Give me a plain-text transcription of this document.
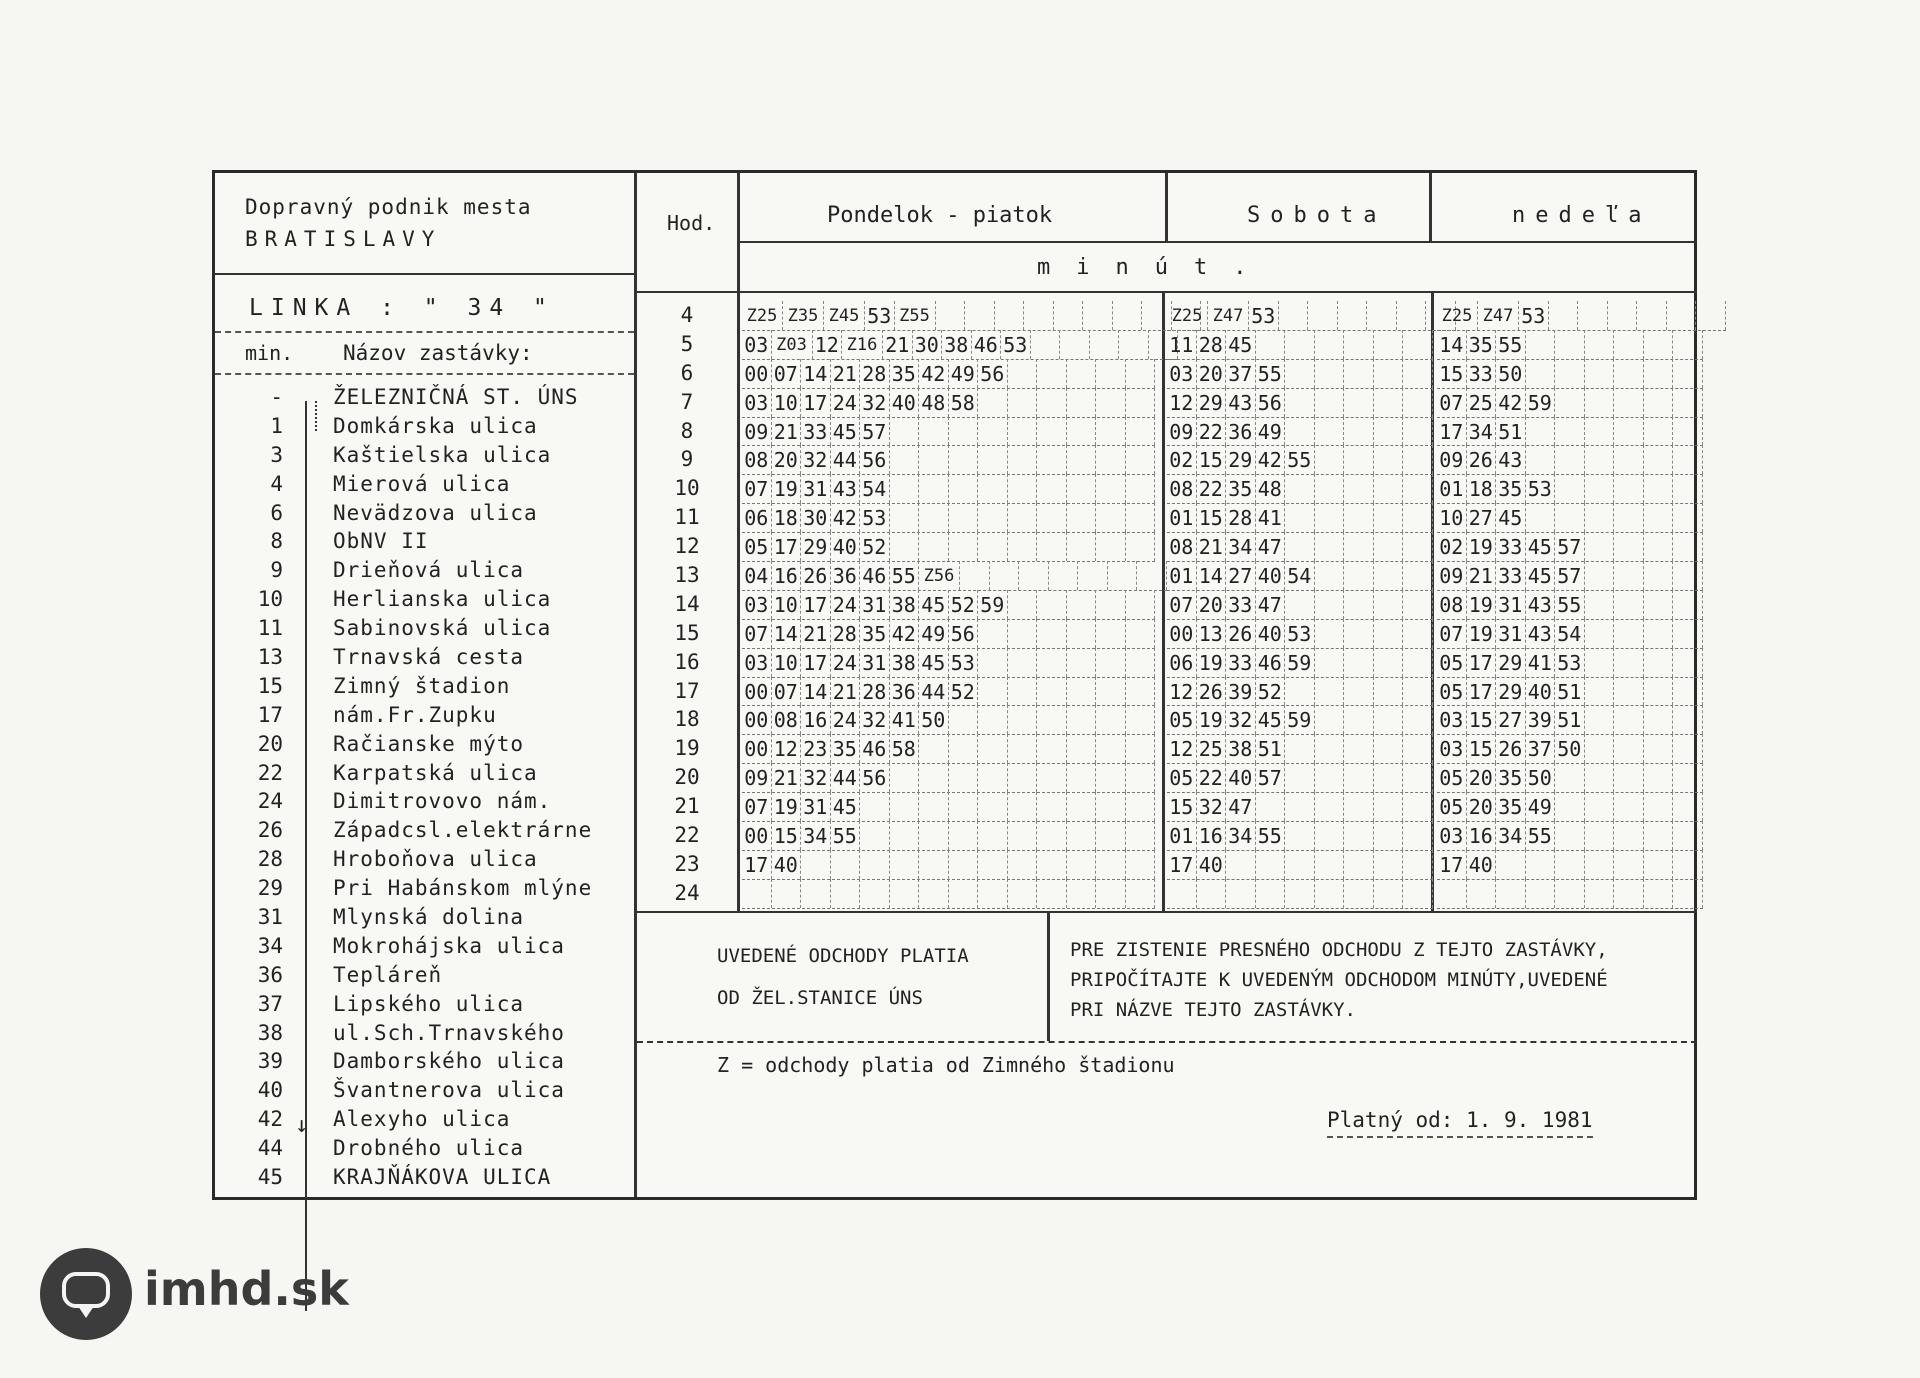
Dopravný podnik mesta
BRATISLAVY
LINKA : " 34 "
min. Názov zastávky:
- ŽELEZNIČNÁ ST. ÚNS
1 Domkárska ulica
3 Kaštielska ulica
4 Mierová ulica
6 Nevädzova ulica
8 ObNV II
9 Drieňová ulica
10 Herlianska ulica
11 Sabinovská ulica
13 Trnavská cesta
15 Zimný štadion
17 nám.Fr.Zupku
20 Račianske mýto
22 Karpatská ulica
24 Dimitrovovo nám.
26 Západcsl.elektrárne
28 Hroboňova ulica
29 Pri Habánskom mlýne
31 Mlynská dolina
34 Mokrohájska ulica
36 Tepláreň
37 Lipského ulica
38 ul.Sch.Trnavského
39 Damborského ulica
40 Švantnerova ulica
42 Alexyho ulica
44 Drobného ulica
45 KRAJŇÁKOVA ULICA
↓
Hod.	Pondelok - piatok	Sobota	nedeľa
minút.
4	Z25 Z35 Z45 53 Z55	Z25 Z47 53	Z25 Z47 53
5	03 Z03 12 Z16 21 30 38 46 53	11 28 45	14 35 55
6	00 07 14 21 28 35 42 49 56	03 20 37 55	15 33 50
7	03 10 17 24 32 40 48 58	12 29 43 56	07 25 42 59
8	09 21 33 45 57	09 22 36 49	17 34 51
9	08 20 32 44 56	02 15 29 42 55	09 26 43
10	07 19 31 43 54	08 22 35 48	01 18 35 53
11	06 18 30 42 53	01 15 28 41	10 27 45
12	05 17 29 40 52	08 21 34 47	02 19 33 45 57
13	04 16 26 36 46 55 Z56	01 14 27 40 54	09 21 33 45 57
14	03 10 17 24 31 38 45 52 59	07 20 33 47	08 19 31 43 55
15	07 14 21 28 35 42 49 56	00 13 26 40 53	07 19 31 43 54
16	03 10 17 24 31 38 45 53	06 19 33 46 59	05 17 29 41 53
17	00 07 14 21 28 36 44 52	12 26 39 52	05 17 29 40 51
18	00 08 16 24 32 41 50	05 19 32 45 59	03 15 27 39 51
19	00 12 23 35 46 58	12 25 38 51	03 15 26 37 50
20	09 21 32 44 56	05 22 40 57	05 20 35 50
21	07 19 31 45	15 32 47	05 20 35 49
22	00 15 34 55	01 16 34 55	03 16 34 55
23	17 40	17 40	17 40
24
UVEDENÉ ODCHODY PLATIA
OD ŽEL.STANICE ÚNS
PRE ZISTENIE PRESNÉHO ODCHODU Z TEJTO ZASTÁVKY,
PRIPOČÍTAJTE K UVEDENÝM ODCHODOM MINÚTY,UVEDENÉ
PRI NÁZVE TEJTO ZASTÁVKY.
Z = odchody platia od Zimného štadionu
Platný od: 1. 9. 1981
imhd.sk
